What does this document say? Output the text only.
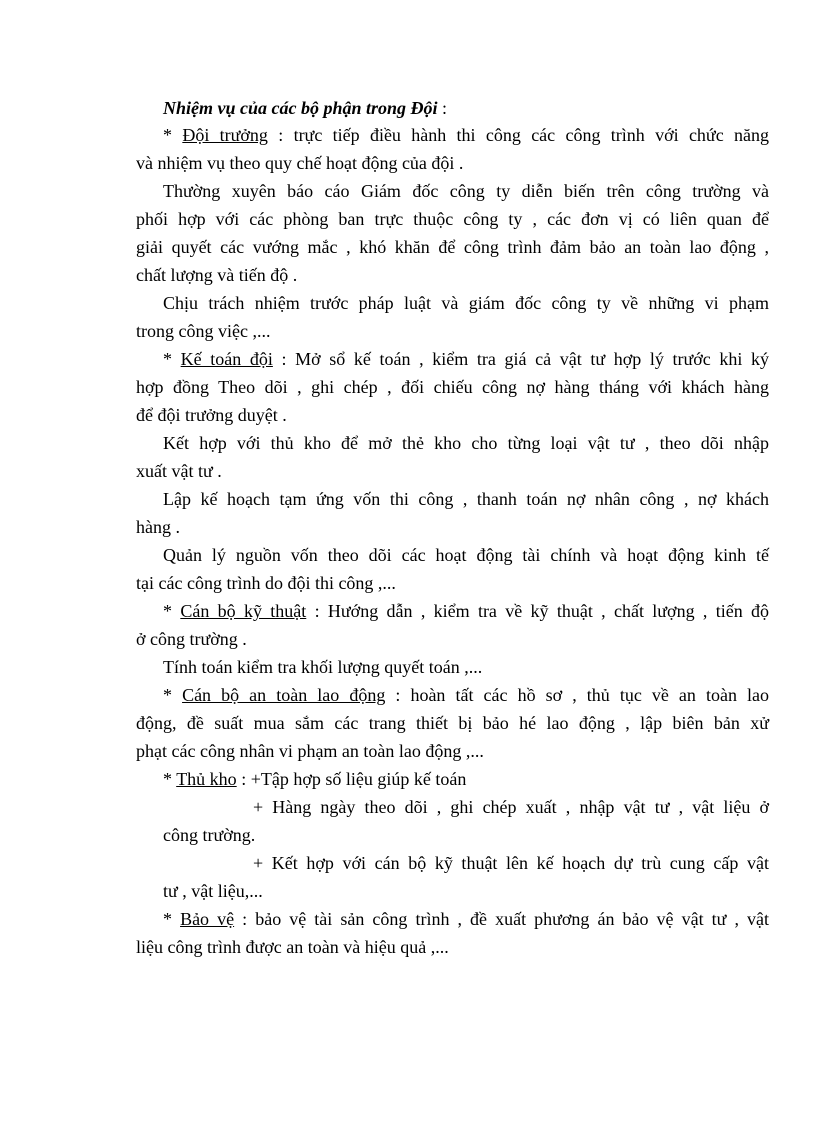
Nhiệm vụ của các bộ phận trong Đội :
* Đội trưởng : trực tiếp điều hành thi công các công trình với chức năng
và nhiệm vụ theo quy chế hoạt động của đội .
Thường xuyên báo cáo Giám đốc công ty diễn biến trên công trường và
phối hợp với các phòng ban trực thuộc công ty , các đơn vị có liên quan để
giải quyết các vướng mắc , khó khăn để công trình đảm bảo an toàn lao động ,
chất lượng và tiến độ .
Chịu trách nhiệm trước pháp luật và giám đốc công ty về những vi phạm
trong công việc ,...
* Kế toán đội : Mở sổ kế toán , kiểm tra giá cả vật tư hợp lý trước khi ký
hợp đồng Theo dõi , ghi chép , đối chiếu công nợ hàng tháng với khách hàng
để đội trưởng duyệt .
Kết hợp với thủ kho để mở thẻ kho cho từng loại vật tư , theo dõi nhập
xuất vật tư .
Lập kế hoạch tạm ứng vốn thi công , thanh toán nợ nhân công , nợ khách
hàng .
Quản lý nguồn vốn theo dõi các hoạt động tài chính và hoạt động kinh tế
tại các công trình do đội thi công ,...
* Cán bộ kỹ thuật : Hướng dẫn , kiểm tra về kỹ thuật , chất lượng , tiến độ
ở công trường .
Tính toán kiểm tra khối lượng quyết toán ,...
* Cán bộ an toàn lao động : hoàn tất các hồ sơ , thủ tục về an toàn lao
động, đề suất mua sắm các trang thiết bị bảo hé lao động , lập biên bản xử
phạt các công nhân vi phạm an toàn lao động ,...
* Thủ kho : +Tập hợp số liệu giúp kế toán
+ Hàng ngày theo dõi , ghi chép xuất , nhập vật tư , vật liệu ở
công trường.
+ Kết hợp với cán bộ kỹ thuật lên kế hoạch dự trù cung cấp vật
tư , vật liệu,...
* Bảo vệ : bảo vệ tài sản công trình , đề xuất phương án bảo vệ vật tư , vật
liệu công trình được an toàn và hiệu quả ,...
